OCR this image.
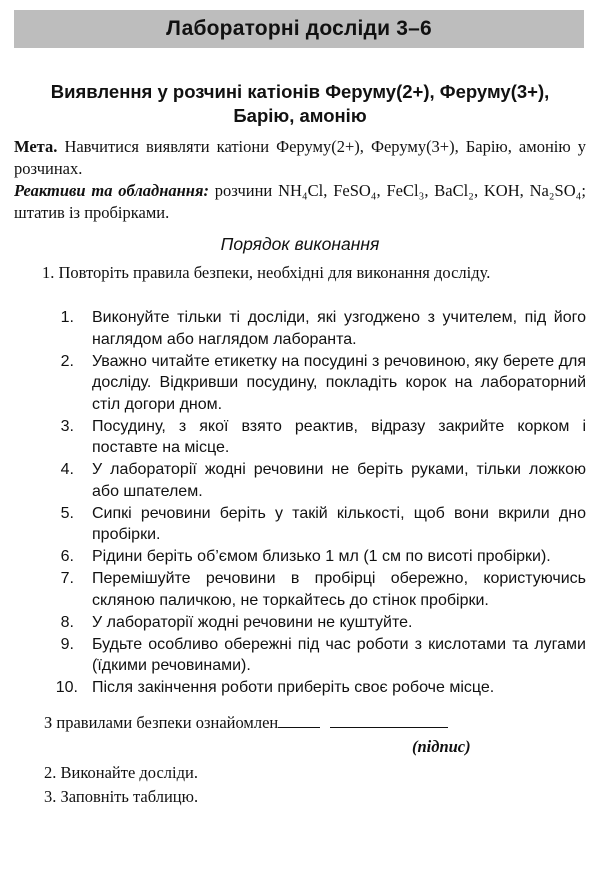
Лабораторні досліди 3–6
Виявлення у розчині катіонів Феруму(2+), Феруму(3+), Барію, амонію
Мета. Навчитися виявляти катіони Феруму(2+), Феруму(3+), Барію, амонію у розчинах.
Реактиви та обладнання: розчини NH₄Cl, FeSO₄, FeCl₃, BaCl₂, KOH, Na₂SO₄; штатив із пробірками.
Порядок виконання
1. Повторіть правила безпеки, необхідні для виконання досліду.
1. Виконуйте тільки ті досліди, які узгоджено з учителем, під його наглядом або наглядом лаборанта.
2. Уважно читайте етикетку на посудині з речовиною, яку берете для досліду. Відкривши посудину, покладіть корок на лабораторний стіл догори дном.
3. Посудину, з якої взято реактив, відразу закрийте корком і поставте на місце.
4. У лабораторії жодні речовини не беріть руками, тільки ложкою або шпателем.
5. Сипкі речовини беріть у такій кількості, щоб вони вкрили дно пробірки.
6. Рідини беріть об’ємом близько 1 мл (1 см по висоті пробірки).
7. Перемішуйте речовини в пробірці обережно, користуючись скляною паличкою, не торкайтесь до стінок пробірки.
8. У лабораторії жодні речовини не куштуйте.
9. Будьте особливо обережні під час роботи з кислотами та лугами (їдкими речовинами).
10. Після закінчення роботи приберіть своє робоче місце.
З правилами безпеки ознайомлен
(підпис)
2. Виконайте досліди.
3. Заповніть таблицю.
